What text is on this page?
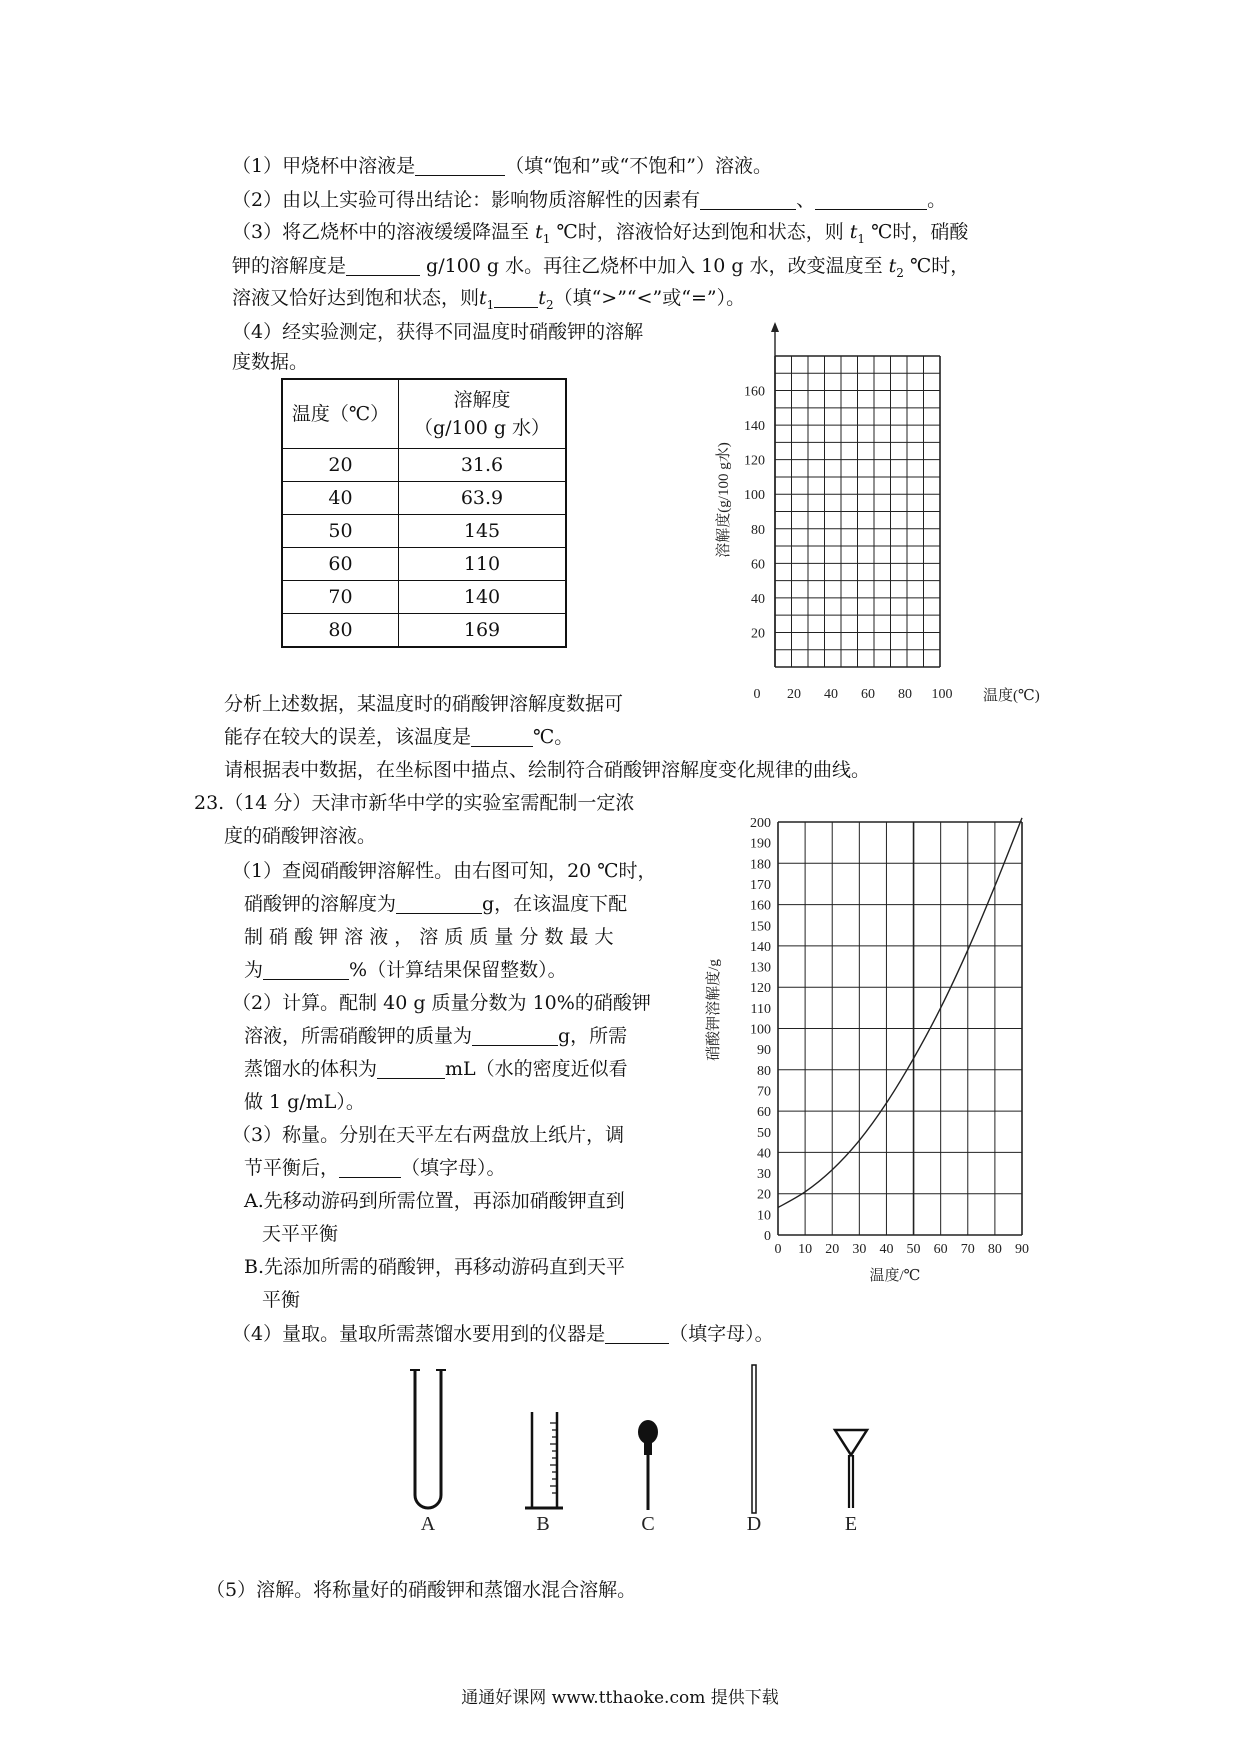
（1）甲烧杯中溶液是	（填“饱和”或“不饱和”）溶液。
（2）由以上实验可得出结论：影响物质溶解性的因素有	、	。
（3）将乙烧杯中的溶液缓缓降温至 $t_1$ ℃时，溶液恰好达到饱和状态，则 $t_1$ ℃时，硝酸
钾的溶解度是	g/100 g 水。再往乙烧杯中加入 10 g 水，改变温度至 $t_2$ ℃时，
溶液又恰好达到饱和状态，则$t_1$ $t_2$（填“>”“<”或“=”）。
（4）经实验测定，获得不同温度时硝酸钾的溶解
度数据。
温度（℃）	溶解度
（g/100 g 水）
20	31.6
40	63.9
50	145
60	110
70	140
80	169
溶解度(g/100 g水)
温度(℃)
160
140
120
100
80
60
40
20
0 20 40 60 80 100
分析上述数据，某温度时的硝酸钾溶解度数据可
能存在较大的误差，该温度是	℃。
请根据表中数据，在坐标图中描点、绘制符合硝酸钾溶解度变化规律的曲线。
23.（14 分）天津市新华中学的实验室需配制一定浓
度的硝酸钾溶液。
（1）查阅硝酸钾溶解性。由右图可知，20 ℃时，
硝酸钾的溶解度为	g，在该温度下配
制 硝 酸 钾 溶 液 ， 溶 质 质 量 分 数 最 大
为	%（计算结果保留整数）。
（2）计算。配制 40 g 质量分数为 10%的硝酸钾
溶液，所需硝酸钾的质量为	g，所需
蒸馏水的体积为	mL（水的密度近似看
做 1 g/mL）。
（3）称量。分别在天平左右两盘放上纸片，调
节平衡后，	（填字母）。
A.先移动游码到所需位置，再添加硝酸钾直到
天平平衡
B.先添加所需的硝酸钾，再移动游码直到天平
平衡
（4）量取。量取所需蒸馏水要用到的仪器是	（填字母）。
0
10
20
30
40
50
60
70
80
90
100
110
120
130
140
150
160
170
180
190
200
0 10 20 30 40 50 60 70 80 90
硝酸钾溶解度/g
温度/℃
A	B	C	D	E
（5）溶解。将称量好的硝酸钾和蒸馏水混合溶解。
通通好课网 www.tthaoke.com 提供下载
